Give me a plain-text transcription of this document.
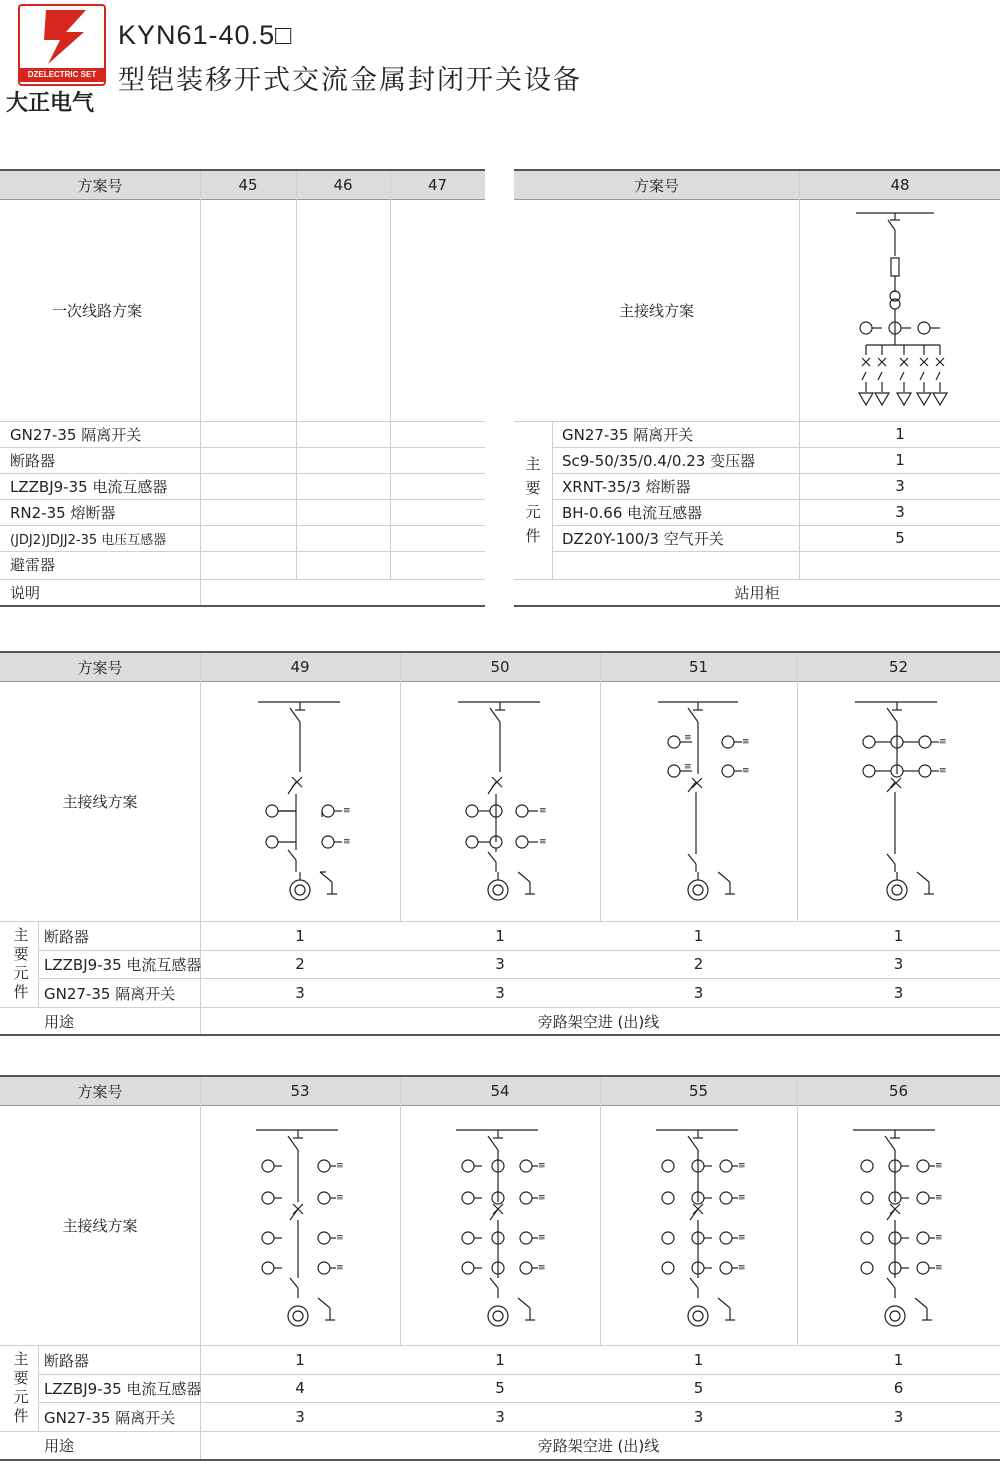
DZELECTRIC SET
大正电气
KYN61-40.5□
型铠装移开式交流金属封闭开关设备
方案号	45	46	47
一次线路方案
GN27-35 隔离开关
断路器
LZZBJ9-35 电流互感器
RN2-35 熔断器
(JDJ2)JDJJ2-35 电压互感器
避雷器
说明
方案号	48
主接线方案
主
要
元
件
GN27-35 隔离开关	1
Sc9-50/35/0.4/0.23 变压器	1
XRNT-35/3 熔断器	3
BH-0.66 电流互感器	3
DZ20Y-100/3 空气开关	5
站用柜
方案号	49	50	51	52
主接线方案
主
要
元
件
断路器	1	1	1	1
LZZBJ9-35 电流互感器	2	3	2	3
GN27-35 隔离开关	3	3	3	3
用途	旁路架空进 (出)线
≡
≡
≡
≡
≡
≡
≡
≡
≡
≡
方案号	53	54	55	56
主接线方案
主
要
元
件
断路器	1	1	1	1
LZZBJ9-35 电流互感器	4	5	5	6
GN27-35 隔离开关	3	3	3	3
用途	旁路架空进 (出)线
≡
≡
≡
≡
≡
≡
≡
≡
≡
≡
≡
≡
≡
≡
≡
≡
